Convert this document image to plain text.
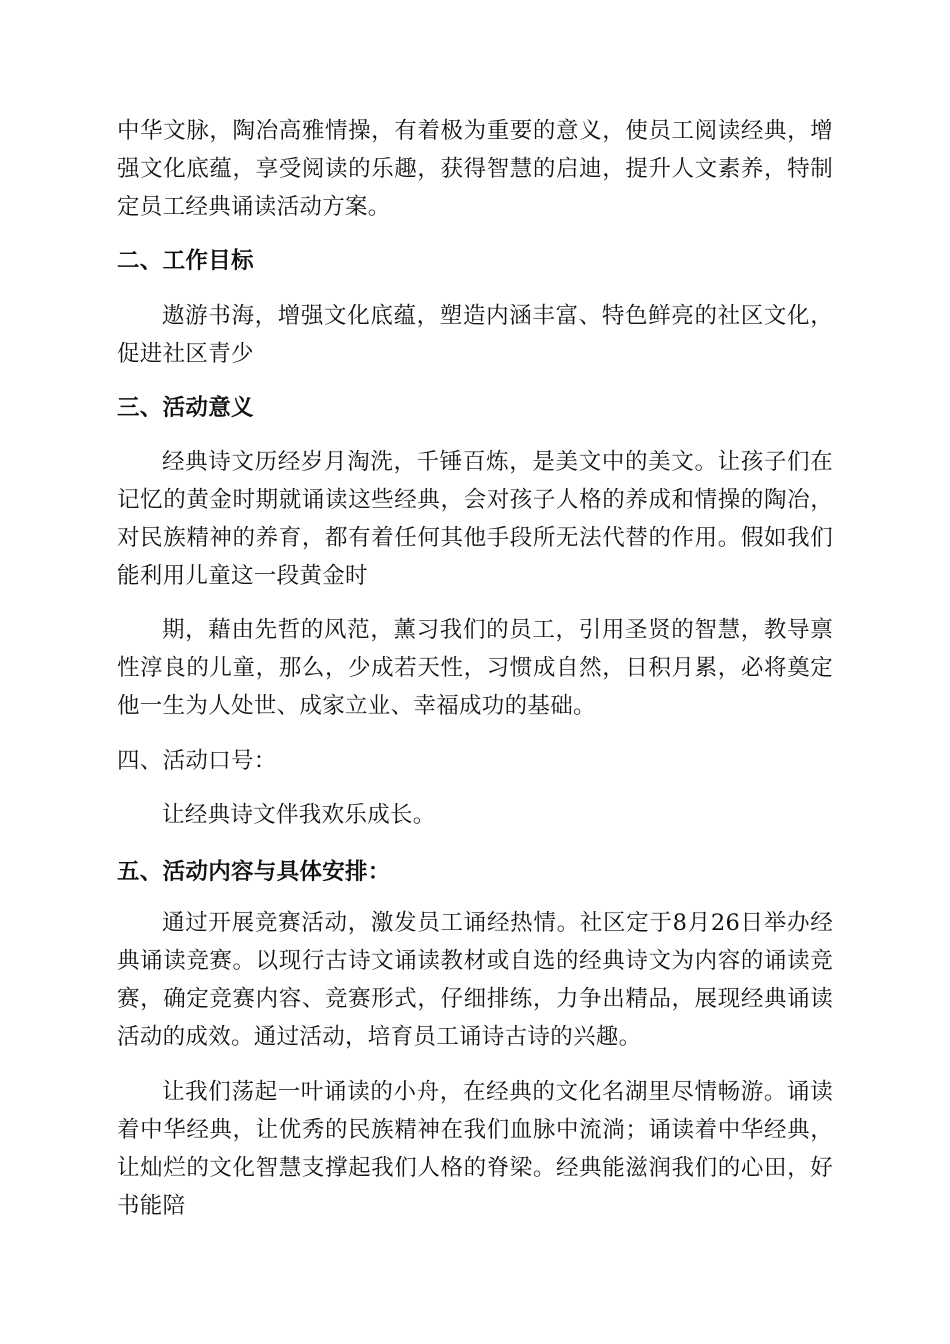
中华文脉，陶冶高雅情操，有着极为重要的意义，使员工阅读经典，增强文化底蕴，享受阅读的乐趣，获得智慧的启迪，提升人文素养，特制定员工经典诵读活动方案。

二、工作目标

遨游书海，增强文化底蕴，塑造内涵丰富、特色鲜亮的社区文化，促进社区青少

三、活动意义

经典诗文历经岁月淘洗，千锤百炼，是美文中的美文。让孩子们在记忆的黄金时期就诵读这些经典，会对孩子人格的养成和情操的陶冶，对民族精神的养育，都有着任何其他手段所无法代替的作用。假如我们能利用儿童这一段黄金时

期，藉由先哲的风范，薰习我们的员工，引用圣贤的智慧，教导禀性淳良的儿童，那么，少成若天性，习惯成自然，日积月累，必将奠定他一生为人处世、成家立业、幸福成功的基础。

四、活动口号：

让经典诗文伴我欢乐成长。

五、活动内容与具体安排：

通过开展竞赛活动，激发员工诵经热情。社区定于8月26日举办经典诵读竞赛。以现行古诗文诵读教材或自选的经典诗文为内容的诵读竞赛，确定竞赛内容、竞赛形式，仔细排练，力争出精品，展现经典诵读活动的成效。通过活动，培育员工诵诗古诗的兴趣。

让我们荡起一叶诵读的小舟，在经典的文化名湖里尽情畅游。诵读着中华经典，让优秀的民族精神在我们血脉中流淌；诵读着中华经典，让灿烂的文化智慧支撑起我们人格的脊梁。经典能滋润我们的心田，好书能陪
